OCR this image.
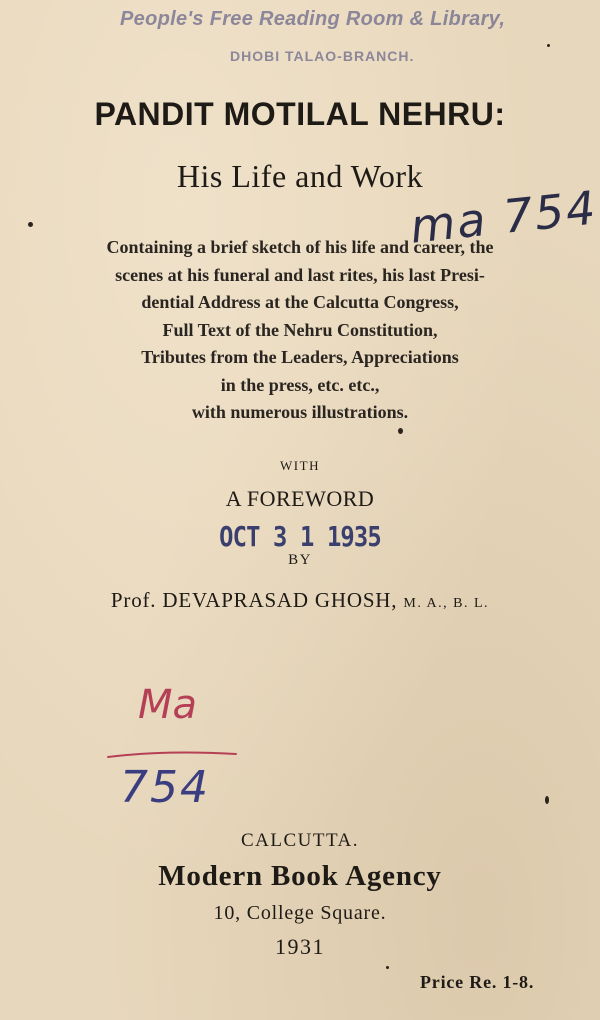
People's Free Reading Room & Library,
DHOBI TALAO-BRANCH.
PANDIT MOTILAL NEHRU:
His Life and Work
ma 754
Containing a brief sketch of his life and career, the
scenes at his funeral and last rites, his last Presi-
dential Address at the Calcutta Congress,
Full Text of the Nehru Constitution,
Tributes from the Leaders, Appreciations
in the press, etc. etc.,
with numerous illustrations.
WITH
A FOREWORD
OCT 3 1 1935
BY
Prof. DEVAPRASAD GHOSH, M. A., B. L.
Ma
754
CALCUTTA.
Modern Book Agency
10, College Square.
1931
Price Re. 1-8.
